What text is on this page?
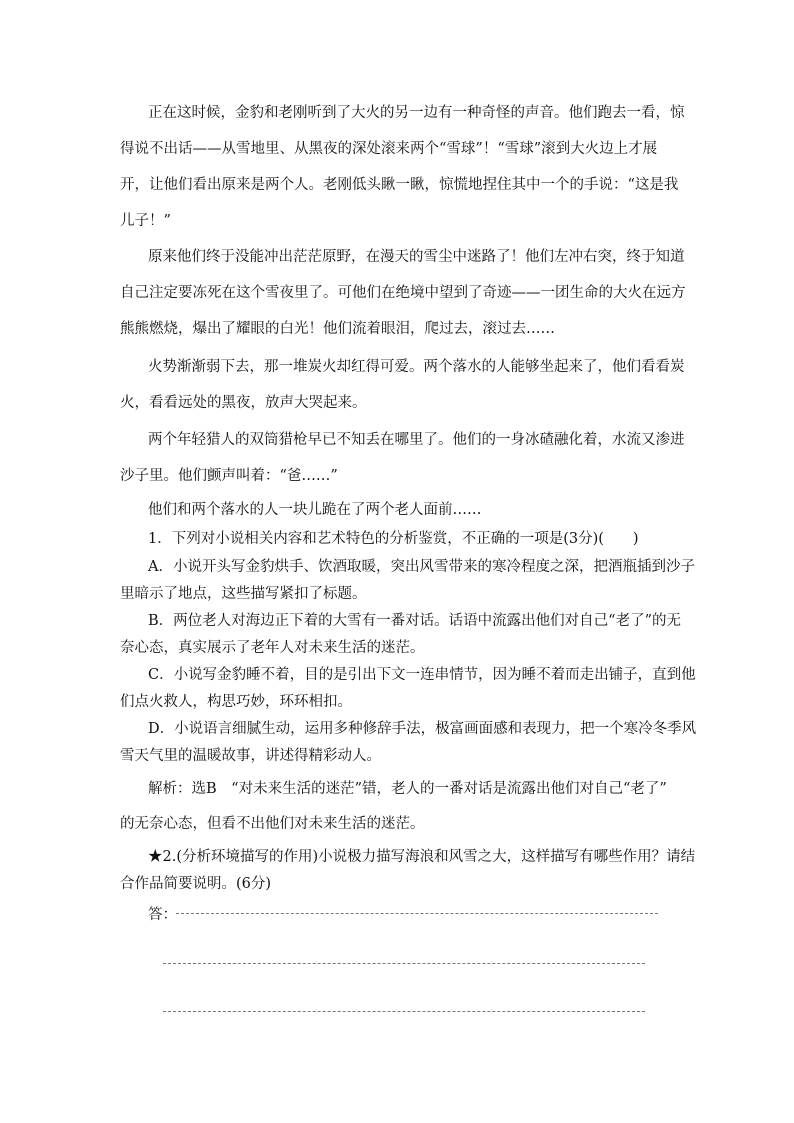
正在这时候，金豹和老刚听到了大火的另一边有一种奇怪的声音。他们跑去一看，惊
得说不出话——从雪地里、从黑夜的深处滚来两个“雪球”！“雪球”滚到大火边上才展
开，让他们看出原来是两个人。老刚低头瞅一瞅，惊慌地捏住其中一个的手说：“这是我
儿子！”
原来他们终于没能冲出茫茫原野，在漫天的雪尘中迷路了！他们左冲右突，终于知道
自己注定要冻死在这个雪夜里了。可他们在绝境中望到了奇迹——一团生命的大火在远方
熊熊燃烧，爆出了耀眼的白光！他们流着眼泪，爬过去，滚过去……
火势渐渐弱下去，那一堆炭火却红得可爱。两个落水的人能够坐起来了，他们看看炭
火，看看远处的黑夜，放声大哭起来。
两个年轻猎人的双筒猎枪早已不知丢在哪里了。他们的一身冰碴融化着，水流又渗进
沙子里。他们颤声叫着：“爸……”
他们和两个落水的人一块儿跪在了两个老人面前……
1．下列对小说相关内容和艺术特色的分析鉴赏，不正确的一项是(3分)(　　)
A．小说开头写金豹烘手、饮酒取暖，突出风雪带来的寒冷程度之深，把酒瓶插到沙子
里暗示了地点，这些描写紧扣了标题。
B．两位老人对海边正下着的大雪有一番对话。话语中流露出他们对自己“老了”的无
奈心态，真实展示了老年人对未来生活的迷茫。
C．小说写金豹睡不着，目的是引出下文一连串情节，因为睡不着而走出铺子，直到他
们点火救人，构思巧妙，环环相扣。
D．小说语言细腻生动，运用多种修辞手法，极富画面感和表现力，把一个寒冷冬季风
雪天气里的温暖故事，讲述得精彩动人。
解析：选B　“对未来生活的迷茫”错，老人的一番对话是流露出他们对自己“老了”
的无奈心态，但看不出他们对未来生活的迷茫。
★2.(分析环境描写的作用)小说极力描写海浪和风雪之大，这样描写有哪些作用？请结
合作品简要说明。(6分)
答：
